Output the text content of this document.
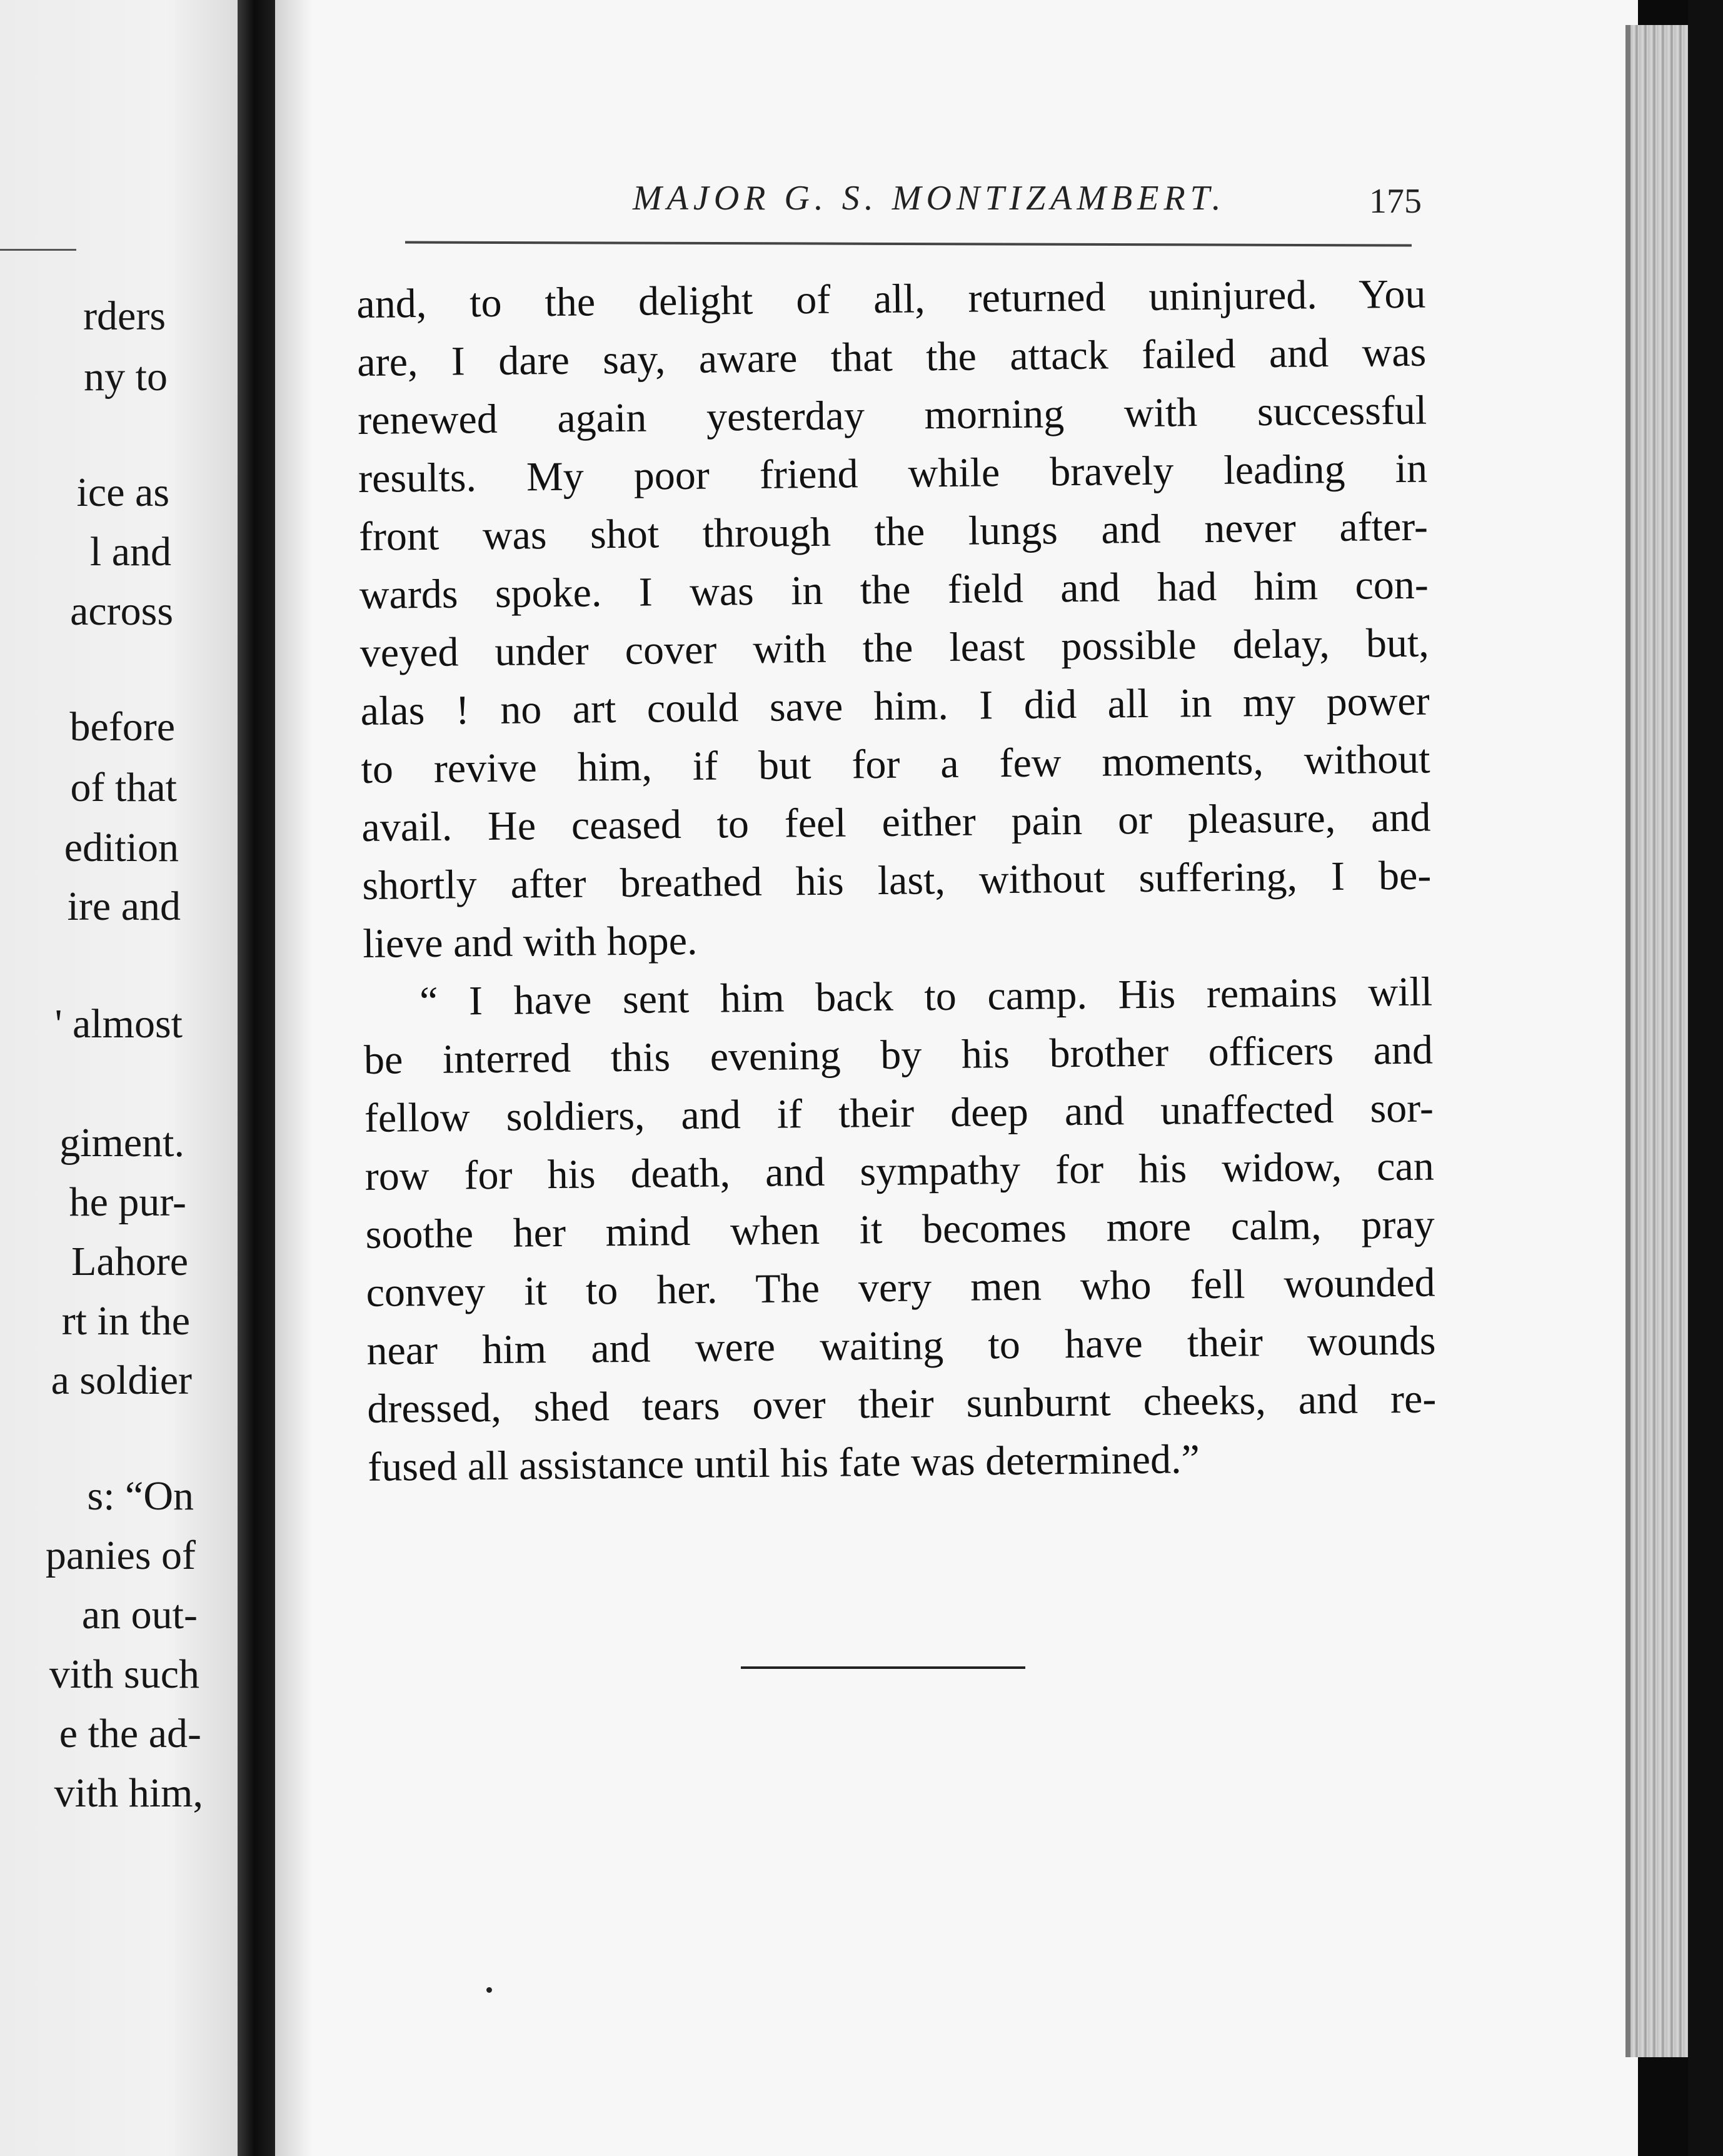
rders
ny to
ice as
l and
across
before
of that
edition
ire and
' almost
giment.
he pur-
Lahore
rt in the
a soldier
s: “On
panies of
an out-
vith such
e the ad-
vith him,
MAJOR G. S. MONTIZAMBERT.	175
and, to the delight of all, returned uninjured. You
are, I dare say, aware that the attack failed and was
renewed again yesterday morning with successful
results. My poor friend while bravely leading in
front was shot through the lungs and never after-
wards spoke. I was in the field and had him con-
veyed under cover with the least possible delay, but,
alas ! no art could save him. I did all in my power
to revive him, if but for a few moments, without
avail. He ceased to feel either pain or pleasure, and
shortly after breathed his last, without suffering, I be-
lieve and with hope.
“ I have sent him back to camp. His remains will
be interred this evening by his brother officers and
fellow soldiers, and if their deep and unaffected sor-
row for his death, and sympathy for his widow, can
soothe her mind when it becomes more calm, pray
convey it to her. The very men who fell wounded
near him and were waiting to have their wounds
dressed, shed tears over their sunburnt cheeks, and re-
fused all assistance until his fate was determined.”
